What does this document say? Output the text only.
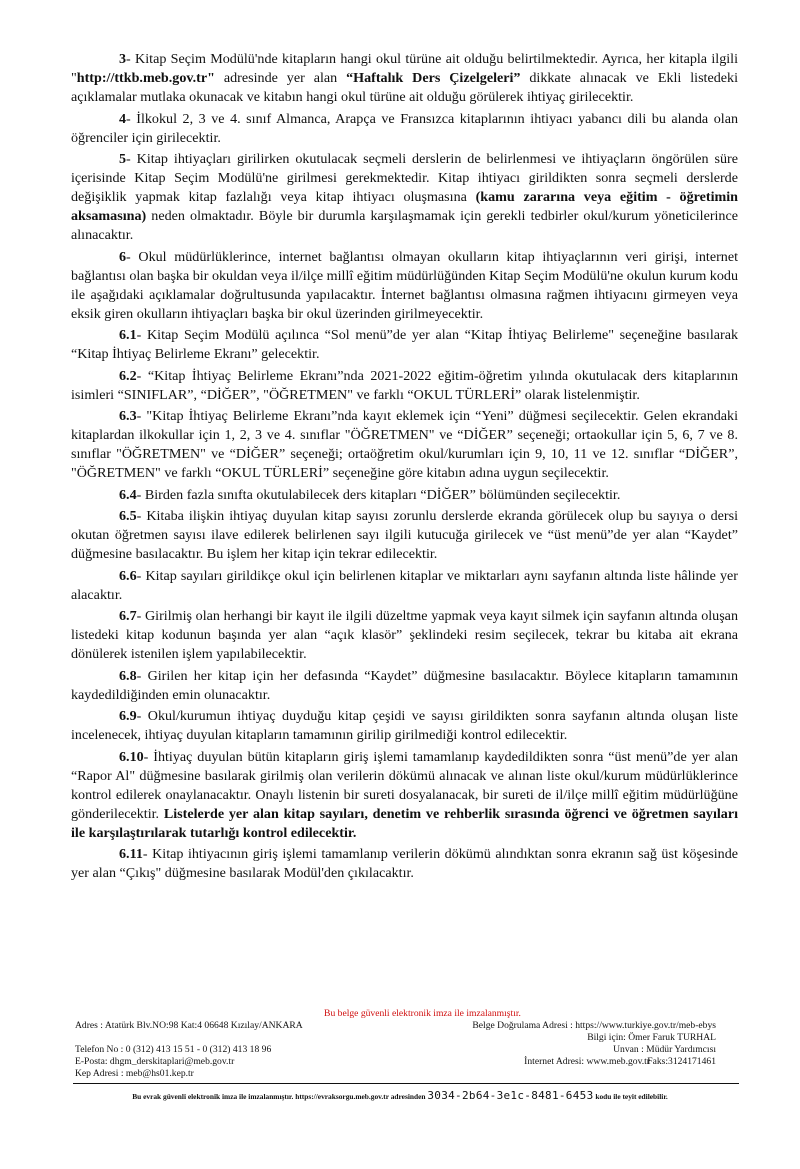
3- Kitap Seçim Modülü'nde kitapların hangi okul türüne ait olduğu belirtilmektedir. Ayrıca, her kitapla ilgili "http://ttkb.meb.gov.tr" adresinde yer alan “Haftalık Ders Çizelgeleri” dikkate alınacak ve Ekli listedeki açıklamalar mutlaka okunacak ve kitabın hangi okul türüne ait olduğu görülerek ihtiyaç girilecektir.

4- İlkokul 2, 3 ve 4. sınıf Almanca, Arapça ve Fransızca kitaplarının ihtiyacı yabancı dili bu alanda olan öğrenciler için girilecektir.

5- Kitap ihtiyaçları girilirken okutulacak seçmeli derslerin de belirlenmesi ve ihtiyaçların öngörülen süre içerisinde Kitap Seçim Modülü'ne girilmesi gerekmektedir. Kitap ihtiyacı girildikten sonra seçmeli derslerde değişiklik yapmak kitap fazlalığı veya kitap ihtiyacı oluşmasına (kamu zararına veya eğitim - öğretimin aksamasına) neden olmaktadır. Böyle bir durumla karşılaşmamak için gerekli tedbirler okul/kurum yöneticilerince alınacaktır.

6- Okul müdürlüklerince, internet bağlantısı olmayan okulların kitap ihtiyaçlarının veri girişi, internet bağlantısı olan başka bir okuldan veya il/ilçe millî eğitim müdürlüğünden Kitap Seçim Modülü'ne okulun kurum kodu ile aşağıdaki açıklamalar doğrultusunda yapılacaktır. İnternet bağlantısı olmasına rağmen ihtiyacını girmeyen veya eksik giren okulların ihtiyaçları başka bir okul üzerinden girilmeyecektir.

6.1- Kitap Seçim Modülü açılınca “Sol menü”de yer alan “Kitap İhtiyaç Belirleme" seçeneğine basılarak “Kitap İhtiyaç Belirleme Ekranı” gelecektir.

6.2- “Kitap İhtiyaç Belirleme Ekranı”nda 2021-2022 eğitim-öğretim yılında okutulacak ders kitaplarının isimleri “SINIFLAR”, “DİĞER”, "ÖĞRETMEN" ve farklı “OKUL TÜRLERİ” olarak listelenmiştir.

6.3- "Kitap İhtiyaç Belirleme Ekranı”nda kayıt eklemek için “Yeni” düğmesi seçilecektir. Gelen ekrandaki kitaplardan ilkokullar için 1, 2, 3 ve 4. sınıflar "ÖĞRETMEN" ve “DİĞER” seçeneği; ortaokullar için 5, 6, 7 ve 8. sınıflar "ÖĞRETMEN" ve “DİĞER” seçeneği; ortaöğretim okul/kurumları için 9, 10, 11 ve 12. sınıflar “DİĞER”, "ÖĞRETMEN" ve farklı “OKUL TÜRLERİ” seçeneğine göre kitabın adına uygun seçilecektir.

6.4- Birden fazla sınıfta okutulabilecek ders kitapları “DİĞER” bölümünden seçilecektir.

6.5- Kitaba ilişkin ihtiyaç duyulan kitap sayısı zorunlu derslerde ekranda görülecek olup bu sayıya o dersi okutan öğretmen sayısı ilave edilerek belirlenen sayı ilgili kutucuğa girilecek ve “üst menü”de yer alan “Kaydet” düğmesine basılacaktır. Bu işlem her kitap için tekrar edilecektir.

6.6- Kitap sayıları girildikçe okul için belirlenen kitaplar ve miktarları aynı sayfanın altında liste hâlinde yer alacaktır.

6.7- Girilmiş olan herhangi bir kayıt ile ilgili düzeltme yapmak veya kayıt silmek için sayfanın altında oluşan listedeki kitap kodunun başında yer alan “açık klasör” şeklindeki resim seçilecek, tekrar bu kitaba ait ekrana dönülerek istenilen işlem yapılabilecektir.

6.8- Girilen her kitap için her defasında “Kaydet” düğmesine basılacaktır. Böylece kitapların tamamının kaydedildiğinden emin olunacaktır.

6.9- Okul/kurumun ihtiyaç duyduğu kitap çeşidi ve sayısı girildikten sonra sayfanın altında oluşan liste incelenecek, ihtiyaç duyulan kitapların tamamının girilip girilmediği kontrol edilecektir.

6.10- İhtiyaç duyulan bütün kitapların giriş işlemi tamamlanıp kaydedildikten sonra “üst menü”de yer alan “Rapor Al" düğmesine basılarak girilmiş olan verilerin dökümü alınacak ve alınan liste okul/kurum müdürlüklerince kontrol edilerek onaylanacaktır. Onaylı listenin bir sureti dosyalanacak, bir sureti de il/ilçe millî eğitim müdürlüğüne gönderilecektir. Listelerde yer alan kitap sayıları, denetim ve rehberlik sırasında öğrenci ve öğretmen sayıları ile karşılaştırılarak tutarlığı kontrol edilecektir.

6.11- Kitap ihtiyacının giriş işlemi tamamlanıp verilerin dökümü alındıktan sonra ekranın sağ üst köşesinde yer alan “Çıkış" düğmesine basılarak Modül'den çıkılacaktır.

Bu belge güvenli elektronik imza ile imzalanmıştır.
Adres : Atatürk Blv.NO:98 Kat:4 06648 Kızılay/ANKARA	Belge Doğrulama Adresi : https://www.turkiye.gov.tr/meb-ebys
Bilgi için: Ömer Faruk TURHAL
Telefon No : 0 (312) 413 15 51 - 0 (312) 413 18 96	Unvan : Müdür Yardımcısı
E-Posta: dhgm_derskitaplari@meb.gov.tr	İnternet Adresi: www.meb.gov.tr
Faks:3124171461
Kep Adresi : meb@hs01.kep.tr
Bu evrak güvenli elektronik imza ile imzalanmıştır. https://evraksorgu.meb.gov.tr adresinden 3034-2b64-3e1c-8481-6453 kodu ile teyit edilebilir.
